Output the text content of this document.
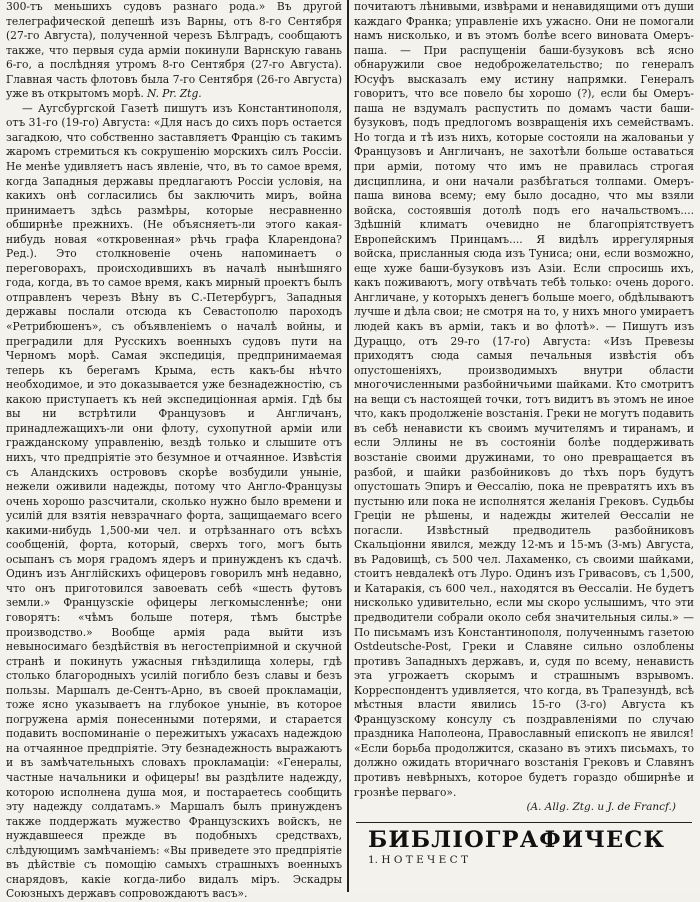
300-тъ меньшихъ судовъ разнаго рода.» Въ другой телеграфической депешѣ изъ Варны, отъ 8-го Сентября (27-го Августа), полученной черезъ Бѣлградъ, сообщаютъ также, что первыя суда арміи покинули Варнскую гавань 6-го, а послѣдняя утромъ 8-го Сентября (27-го Августа). Главная часть флотовъ была 7-го Сентября (26-го Августа) уже въ открытомъ морѣ. N. Pr. Ztg.

— Аугсбургской Газетѣ пишутъ изъ Константинополя, отъ 31-го (19-го) Августа: «Для насъ до сихъ поръ остается загадкою, что собственно заставляетъ Францію съ такимъ жаромъ стремиться къ сокрушенію морскихъ силъ Россіи. Не менѣе удивляетъ насъ явленіе, что, въ то самое время, когда Западныя державы предлагаютъ Россіи условія, на какихъ онѣ согласились бы заключить миръ, война принимаетъ здѣсь размѣры, которые несравненно обширнѣе прежнихъ. (Не объясняетъ-ли этого какая-нибудь новая «откровенная» рѣчь графа Кларендона? Ред.). Это столкновеніе очень напоминаетъ о переговорахъ, происходившихъ въ началѣ нынѣшняго года, когда, въ то самое время, какъ мирный проектъ былъ отправленъ черезъ Вѣну въ С.-Петербургъ, Западныя державы послали отсюда къ Севастополю пароходъ «Ретрибюшенъ», съ объявленіемъ о началѣ войны, и преградили для Русскихъ военныхъ судовъ пути на Черномъ морѣ. Самая экспедиція, предпринимаемая теперь къ берегамъ Крыма, есть какъ-бы нѣчто необходимое, и это доказывается уже безнадежностію, съ какою приступаетъ къ ней экспедиціонная армія. Гдѣ бы вы ни встрѣтили Французовъ и Англичанъ, принадлежащихъ-ли они флоту, сухопутной арміи или гражданскому управленію, вездѣ только и слышите отъ нихъ, что предпріятіе это безумное и отчаянное. Извѣстія съ Аландскихъ острововъ скорѣе возбудили уныніе, нежели оживили надежды, потому что Англо-Французы очень хорошо разсчитали, сколько нужно было времени и усилій для взятія невзрачнаго форта, защищаемаго всего какими-нибудь 1,500-ми чел. и отрѣзаннаго отъ всѣхъ сообщеній, форта, который, сверхъ того, могъ быть осыпанъ съ моря градомъ ядеръ и принужденъ къ сдачѣ. Одинъ изъ Англійскихъ офицеровъ говорилъ мнѣ недавно, что онъ приготовился завоевать себѣ «шесть футовъ земли.» Французскіе офицеры легкомысленнѣе; они говорятъ: «чѣмъ больше потеря, тѣмъ быстрѣе производство.» Вообще армія рада выйти изъ невыносимаго бездѣйствія въ негостепріимной и скучной странѣ и покинуть ужасныя гнѣздилища холеры, гдѣ столько благородныхъ усилій погибло безъ славы и безъ пользы. Маршалъ де-Сентъ-Арно, въ своей прокламаціи, тоже ясно указываетъ на глубокое уныніе, въ которое погружена армія понесенными потерями, и старается подавить воспоминаніе о пережитыхъ ужасахъ надеждою на отчаянное предпріятіе. Эту безнадежность выражаютъ и въ замѣчательныхъ словахъ прокламаціи: «Генералы, частные начальники и офицеры! вы раздѣлите надежду, которою исполнена душа моя, и постараетесь сообщить эту надежду солдатамъ.» Маршалъ былъ принужденъ также поддержать мужество Французскихъ войскъ, не нуждавшееся прежде въ подобныхъ средствахъ, слѣдующимъ замѣчаніемъ: «Вы приведете это предпріятіе въ дѣйствіе съ помощію самыхъ страшныхъ военныхъ снарядовъ, какіе когда-либо видалъ міръ. Эскадры Союзныхъ державъ сопровождаютъ васъ».

почитаютъ лѣнивыми, извѣрами и ненавидящими отъ души каждаго Франка; управленіе ихъ ужасно. Они не помогали намъ нисколько, и въ этомъ болѣе всего виновата Омеръ-паша. — При распущеніи баши-бузуковъ всѣ ясно обнаружили свое недоброжелательство; по генералъ Юсуфъ высказалъ ему истину напрямки. Генералъ говоритъ, что все повело бы хорошо (?), если бы Омеръ-паша не вздумалъ распустить по домамъ части баши-бузуковъ, подъ предлогомъ возвращенія ихъ семействамъ. Но тогда и тѣ изъ нихъ, которые состояли на жалованьи у Французовъ и Англичанъ, не захотѣли больше оставаться при арміи, потому что имъ не правилась строгая дисциплина, и они начали разбѣгаться толпами. Омеръ-паша винова всему; ему было досадно, что мы взяли войска, состоявшія дотолѣ подъ его начальствомъ.... Здѣшній климатъ очевидно не благопріятствуетъ Европейскимъ Принцамъ.... Я видѣлъ иррегулярныя войска, присланныя сюда изъ Туниса; они, если возможно, еще хуже баши-бузуковъ изъ Азіи. Если спросишь ихъ, какъ поживаютъ, могу отвѣчать тебѣ только: очень дорого. Англичане, у которыхъ денегъ больше моего, обдѣлываютъ лучше и дѣла свои; не смотря на то, у нихъ много умираетъ людей какъ въ арміи, такъ и во флотѣ». — Пишутъ изъ Дураццо, отъ 29-го (17-го) Августа: «Изъ Превезы приходятъ сюда самыя печальныя извѣстія объ опустошеніяхъ, производимыхъ внутри области многочисленными разбойничьими шайками. Кто смотритъ на вещи съ настоящей точки, тотъ видитъ въ этомъ не иное что, какъ продолженіе возстанія. Греки не могутъ подавить въ себѣ ненависти къ своимъ мучителямъ и тиранамъ, и если Эллины не въ состояніи болѣе поддерживать возстаніе своими дружинами, то оно превращается въ разбой, и шайки разбойниковъ до тѣхъ поръ будутъ опустошать Эпиръ и Ѳессалію, пока не превратятъ ихъ въ пустыню или пока не исполнятся желанія Грековъ. Судьбы Греціи не рѣшены, и надежды жителей Ѳессаліи не погасли. Извѣстный предводитель разбойниковъ Скальціонни явился, между 12-мъ и 15-мъ (3-мъ) Августа, въ Радовищѣ, съ 500 чел. Лахаменко, съ своими шайками, стоитъ невдалекѣ отъ Луро. Одинъ изъ Гривасовъ, съ 1,500, и Катаракія, съ 600 чел., находятся въ Ѳессаліи. Не будетъ нисколько удивительно, если мы скоро услышимъ, что эти предводители собрали около себя значительныя силы.» — По письмамъ изъ Константинополя, полученнымъ газетою Ostdeutsche-Post, Греки и Славяне сильно озлоблены противъ Западныхъ державъ, и, судя по всему, ненависть эта угрожаетъ скорымъ и страшнымъ взрывомъ. Корреспондентъ удивляется, что когда, въ Трапезундѣ, всѣ мѣстныя власти явились 15-го (3-го) Августа къ Французскому консулу съ поздравленіями по случаю праздника Наполеона, Православный епископъ не явился! «Если борьба продолжится, сказано въ этихъ письмахъ, то должно ожидать вторичнаго возстанія Грековъ и Славянъ противъ невѣрныхъ, которое будетъ гораздо обширнѣе и грознѣе перваго».

(A. Allg. Ztg. и J. de Francf.)

БИБЛІОГРАФИЧЕСК

1. Н О Т Е Ч Е С Т
